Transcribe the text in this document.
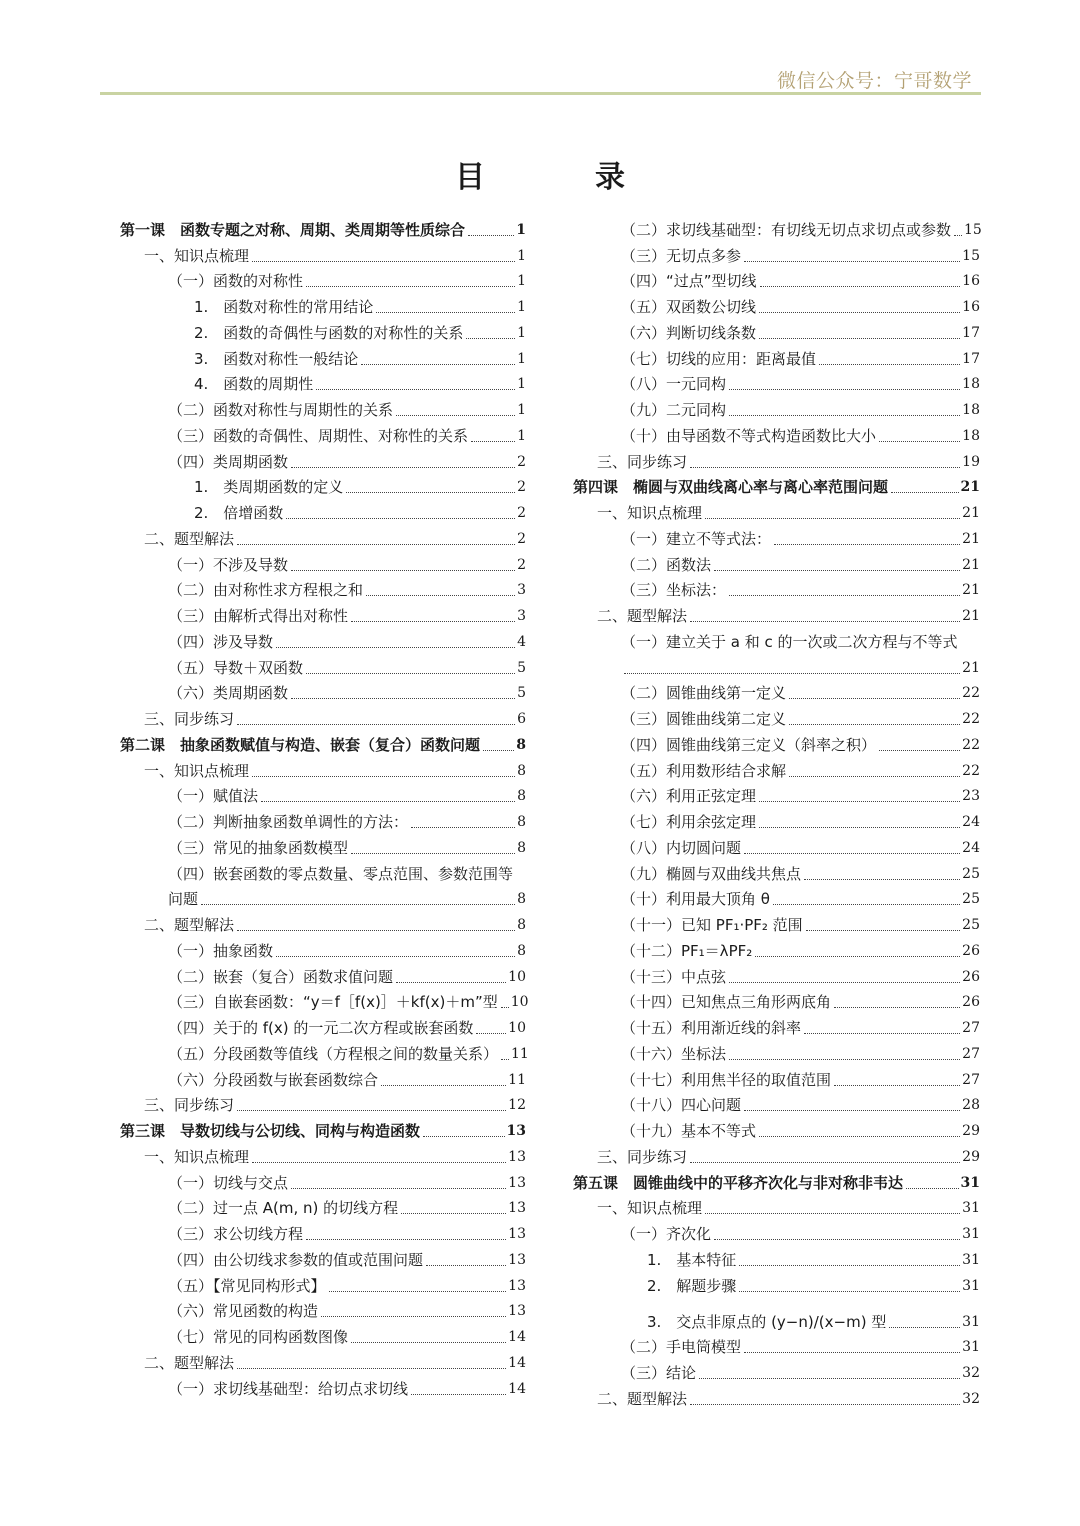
微信公众号：宁哥数学
目　录
第一课　函数专题之对称、周期、类周期等性质综合	1
一、知识点梳理	1
（一）函数的对称性	1
1.　函数对称性的常用结论	1
2.　函数的奇偶性与函数的对称性的关系	1
3.　函数对称性一般结论	1
4.　函数的周期性	1
（二）函数对称性与周期性的关系	1
（三）函数的奇偶性、周期性、对称性的关系	1
（四）类周期函数	2
1.　类周期函数的定义	2
2.　倍增函数	2
二、题型解法	2
（一）不涉及导数	2
（二）由对称性求方程根之和	3
（三）由解析式得出对称性	3
（四）涉及导数	4
（五）导数＋双函数	5
（六）类周期函数	5
三、同步练习	6
第二课　抽象函数赋值与构造、嵌套（复合）函数问题	8
一、知识点梳理	8
（一）赋值法	8
（二）判断抽象函数单调性的方法：	8
（三）常见的抽象函数模型	8
（四）嵌套函数的零点数量、零点范围、参数范围等
问题	8
二、题型解法	8
（一）抽象函数	8
（二）嵌套（复合）函数求值问题	10
（三）自嵌套函数：“y＝f［f(x)］＋kf(x)＋m”型 10
（四）关于的 f(x) 的一元二次方程或嵌套函数 10
（五）分段函数等值线（方程根之间的数量关系） 11
（六）分段函数与嵌套函数综合	11
三、同步练习	12
第三课　导数切线与公切线、同构与构造函数	13
一、知识点梳理	13
（一）切线与交点	13
（二）过一点 A(m, n) 的切线方程	13
（三）求公切线方程	13
（四）由公切线求参数的值或范围问题	13
（五）【常见同构形式】	13
（六）常见函数的构造	13
（七）常见的同构函数图像	14
二、题型解法	14
（一）求切线基础型：给切点求切线	14
（二）求切线基础型：有切线无切点求切点或参数 15
（三）无切点多参	15
（四）“过点”型切线	16
（五）双函数公切线	16
（六）判断切线条数	17
（七）切线的应用：距离最值	17
（八）一元同构	18
（九）二元同构	18
（十）由导函数不等式构造函数比大小	18
三、同步练习	19
第四课　椭圆与双曲线离心率与离心率范围问题	21
一、知识点梳理	21
（一）建立不等式法：	21
（二）函数法	21
（三）坐标法：	21
二、题型解法	21
（一）建立关于 a 和 c 的一次或二次方程与不等式
21
（二）圆锥曲线第一定义	22
（三）圆锥曲线第二定义	22
（四）圆锥曲线第三定义（斜率之积）	22
（五）利用数形结合求解	22
（六）利用正弦定理	23
（七）利用余弦定理	24
（八）内切圆问题	24
（九）椭圆与双曲线共焦点	25
（十）利用最大顶角 θ	25
（十一）已知 PF₁·PF₂ 范围	25
（十二）PF₁＝λPF₂	26
（十三）中点弦	26
（十四）已知焦点三角形两底角	26
（十五）利用渐近线的斜率	27
（十六）坐标法	27
（十七）利用焦半径的取值范围	27
（十八）四心问题	28
（十九）基本不等式	29
三、同步练习	29
第五课　圆锥曲线中的平移齐次化与非对称非韦达	31
一、知识点梳理	31
（一）齐次化	31
1.　基本特征	31
2.　解题步骤	31
3.　交点非原点的 (y−n)/(x−m) 型	31
（二）手电筒模型	31
（三）结论	32
二、题型解法	32
